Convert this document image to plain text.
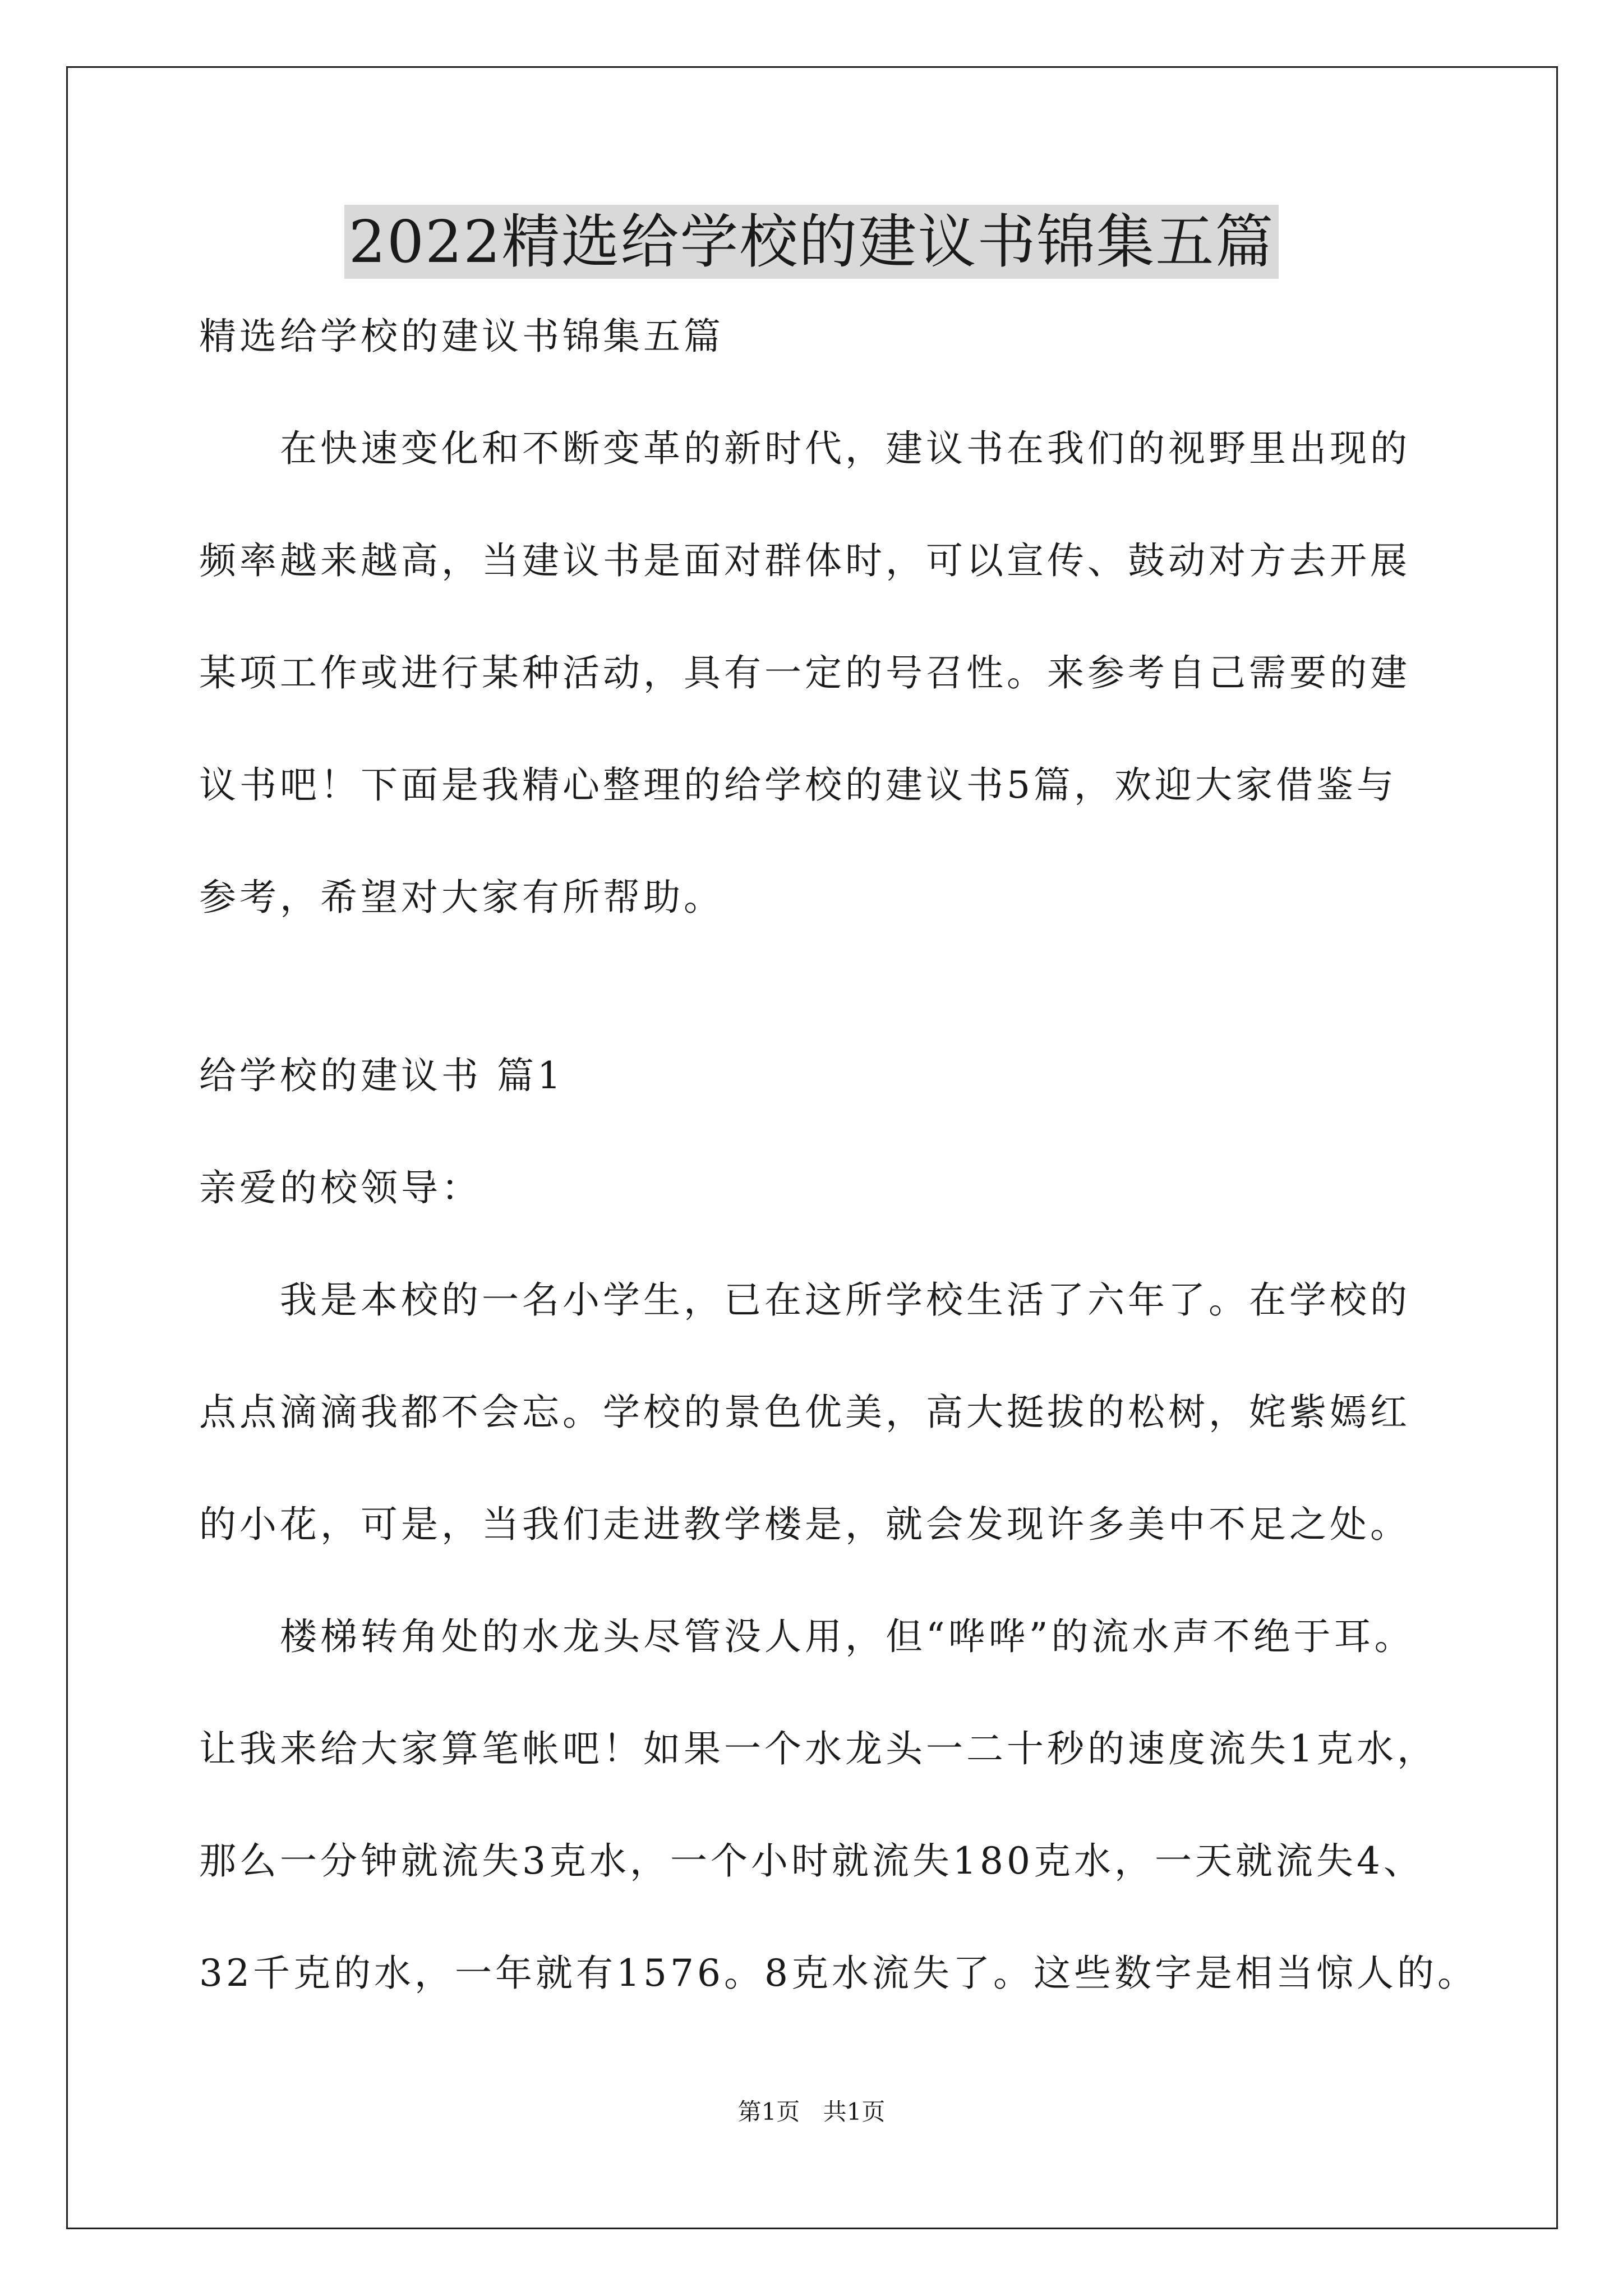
2022精选给学校的建议书锦集五篇
精选给学校的建议书锦集五篇
　　在快速变化和不断变革的新时代，建议书在我们的视野里出现的
频率越来越高，当建议书是面对群体时，可以宣传、鼓动对方去开展
某项工作或进行某种活动，具有一定的号召性。来参考自己需要的建
议书吧！下面是我精心整理的给学校的建议书5篇，欢迎大家借鉴与
参考，希望对大家有所帮助。
给学校的建议书 篇1
亲爱的校领导：
　　我是本校的一名小学生，已在这所学校生活了六年了。在学校的
点点滴滴我都不会忘。学校的景色优美，高大挺拔的松树，姹紫嫣红
的小花，可是，当我们走进教学楼是，就会发现许多美中不足之处。
　　楼梯转角处的水龙头尽管没人用，但“哗哗”的流水声不绝于耳。
让我来给大家算笔帐吧！如果一个水龙头一二十秒的速度流失1克水，
那么一分钟就流失3克水，一个小时就流失180克水，一天就流失4、
32千克的水，一年就有1576。8克水流失了。这些数字是相当惊人的。
第1页 共1页
